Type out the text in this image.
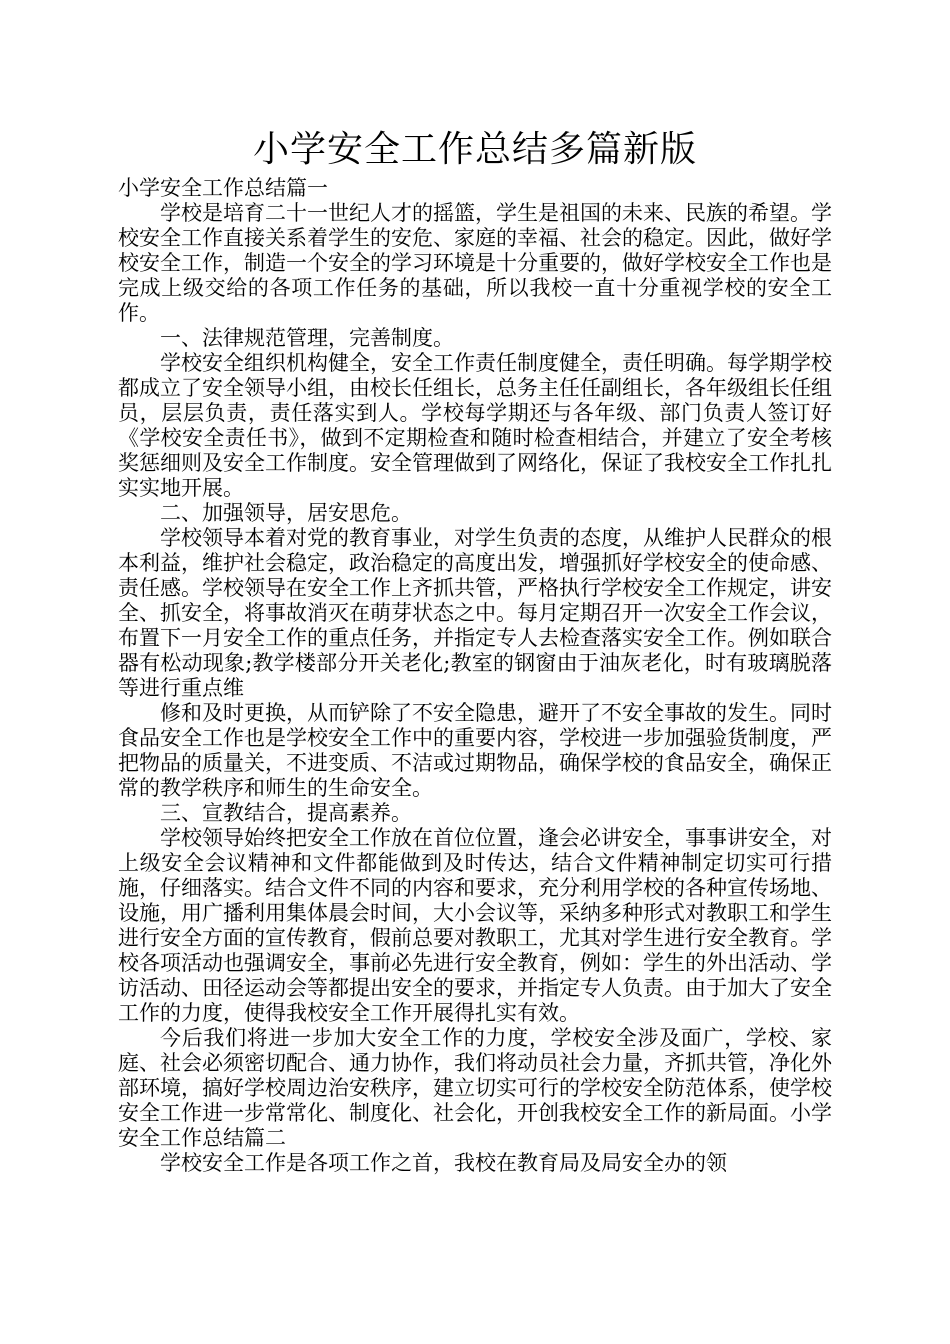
小学安全工作总结多篇新版

小学安全工作总结篇一

学校是培育二十一世纪人才的摇篮，学生是祖国的未来、民族的希望。学校安全工作直接关系着学生的安危、家庭的幸福、社会的稳定。因此，做好学校安全工作，制造一个安全的学习环境是十分重要的，做好学校安全工作也是完成上级交给的各项工作任务的基础，所以我校一直十分重视学校的安全工作。

一、法律规范管理，完善制度。

学校安全组织机构健全，安全工作责任制度健全，责任明确。每学期学校都成立了安全领导小组，由校长任组长，总务主任任副组长，各年级组长任组员，层层负责，责任落实到人。学校每学期还与各年级、部门负责人签订好《学校安全责任书》，做到不定期检查和随时检查相结合，并建立了安全考核奖惩细则及安全工作制度。安全管理做到了网络化，保证了我校安全工作扎扎实实地开展。

二、加强领导，居安思危。

学校领导本着对党的教育事业，对学生负责的态度，从维护人民群众的根本利益，维护社会稳定，政治稳定的高度出发，增强抓好学校安全的使命感、责任感。学校领导在安全工作上齐抓共管，严格执行学校安全工作规定，讲安全、抓安全，将事故消灭在萌芽状态之中。每月定期召开一次安全工作会议，布置下一月安全工作的重点任务，并指定专人去检查落实安全工作。例如联合器有松动现象;教学楼部分开关老化;教室的钢窗由于油灰老化，时有玻璃脱落等进行重点维

修和及时更换，从而铲除了不安全隐患，避开了不安全事故的发生。同时食品安全工作也是学校安全工作中的重要内容，学校进一步加强验货制度，严把物品的质量关，不进变质、不洁或过期物品，确保学校的食品安全，确保正常的教学秩序和师生的生命安全。

三、宣教结合，提高素养。

学校领导始终把安全工作放在首位位置，逢会必讲安全，事事讲安全，对上级安全会议精神和文件都能做到及时传达，结合文件精神制定切实可行措施，仔细落实。结合文件不同的内容和要求，充分利用学校的各种宣传场地、设施，用广播利用集体晨会时间，大小会议等，采纳多种形式对教职工和学生进行安全方面的宣传教育，假前总要对教职工，尤其对学生进行安全教育。学校各项活动也强调安全，事前必先进行安全教育，例如：学生的外出活动、学访活动、田径运动会等都提出安全的要求，并指定专人负责。由于加大了安全工作的力度，使得我校安全工作开展得扎实有效。

今后我们将进一步加大安全工作的力度，学校安全涉及面广，学校、家庭、社会必须密切配合、通力协作，我们将动员社会力量，齐抓共管，净化外部环境，搞好学校周边治安秩序，建立切实可行的学校安全防范体系，使学校安全工作进一步常常化、制度化、社会化，开创我校安全工作的新局面。小学安全工作总结篇二

学校安全工作是各项工作之首，我校在教育局及局安全办的领
